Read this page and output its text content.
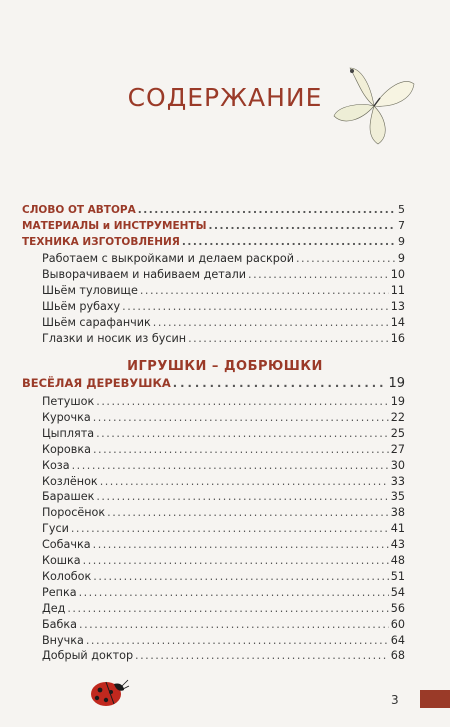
СОДЕРЖАНИЕ
СЛОВО ОТ АВТОРА .....	5
МАТЕРИАЛЫ и ИНСТРУМЕНТЫ .....	7
ТЕХНИКА ИЗГОТОВЛЕНИЯ .....	9
Работаем с выкройками и делаем раскрой .....	9
Выворачиваем и набиваем детали .....	10
Шьём туловище .....	11
Шьём рубаху .....	13
Шьём сарафанчик .....	14
Глазки и носик из бусин .....	16
ВЕСЁЛАЯ ДЕРЕВУШКА .....	19
Петушок .....	19
Курочка .....	22
Цыплята .....	25
Коровка .....	27
Коза .....	30
Козлёнок .....	33
Барашек .....	35
Поросёнок .....	38
Гуси .....	41
Собачка .....	43
Кошка .....	48
Колобок .....	51
Репка .....	54
Дед .....	56
Бабка .....	60
Внучка .....	64
Добрый доктор .....	68
ИГРУШКИ – ДОБРЮШКИ
3
